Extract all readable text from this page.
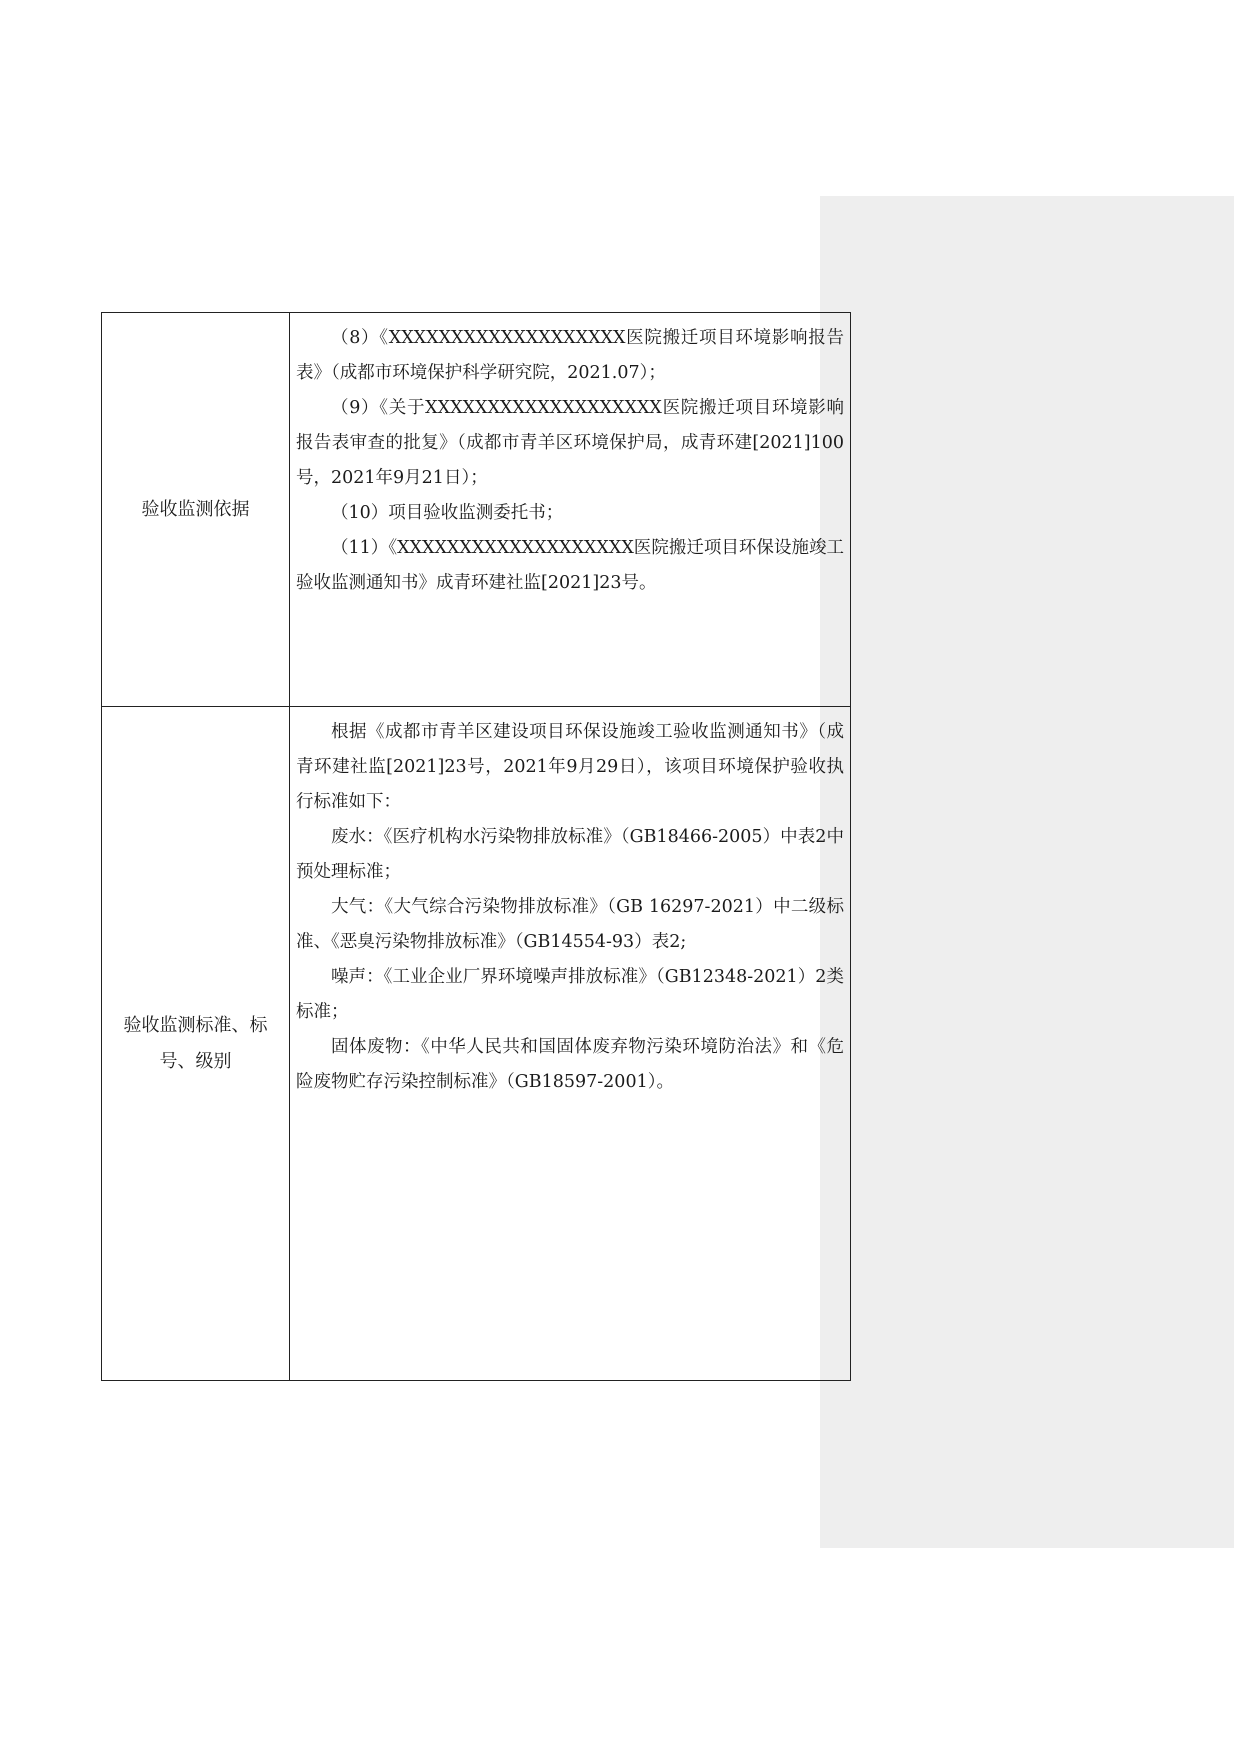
验收监测依据	（8）《XXXXXXXXXXXXXXXXXXX医院搬迁项目环境影响报告表》（成都市环境保护科学研究院，2021.07）；

（9）《关于XXXXXXXXXXXXXXXXXXX医院搬迁项目环境影响报告表审查的批复》（成都市青羊区环境保护局，成青环建[2021]100号，2021年9月21日）；

（10）项目验收监测委托书；

（11）《XXXXXXXXXXXXXXXXXXX医院搬迁项目环保设施竣工验收监测通知书》成青环建社监[2021]23号。

验收监测标准、标号、级别	根据《成都市青羊区建设项目环保设施竣工验收监测通知书》（成青环建社监[2021]23号，2021年9月29日），该项目环境保护验收执行标准如下：

废水：《医疗机构水污染物排放标准》（GB18466-2005）中表2中预处理标准；

大气：《大气综合污染物排放标准》（GB 16297-2021）中二级标准、《恶臭污染物排放标准》（GB14554-93）表2;

噪声：《工业企业厂界环境噪声排放标准》（GB12348-2021）2类标准；

固体废物：《中华人民共和国固体废弃物污染环境防治法》和《危险废物贮存污染控制标准》（GB18597-2001）。
